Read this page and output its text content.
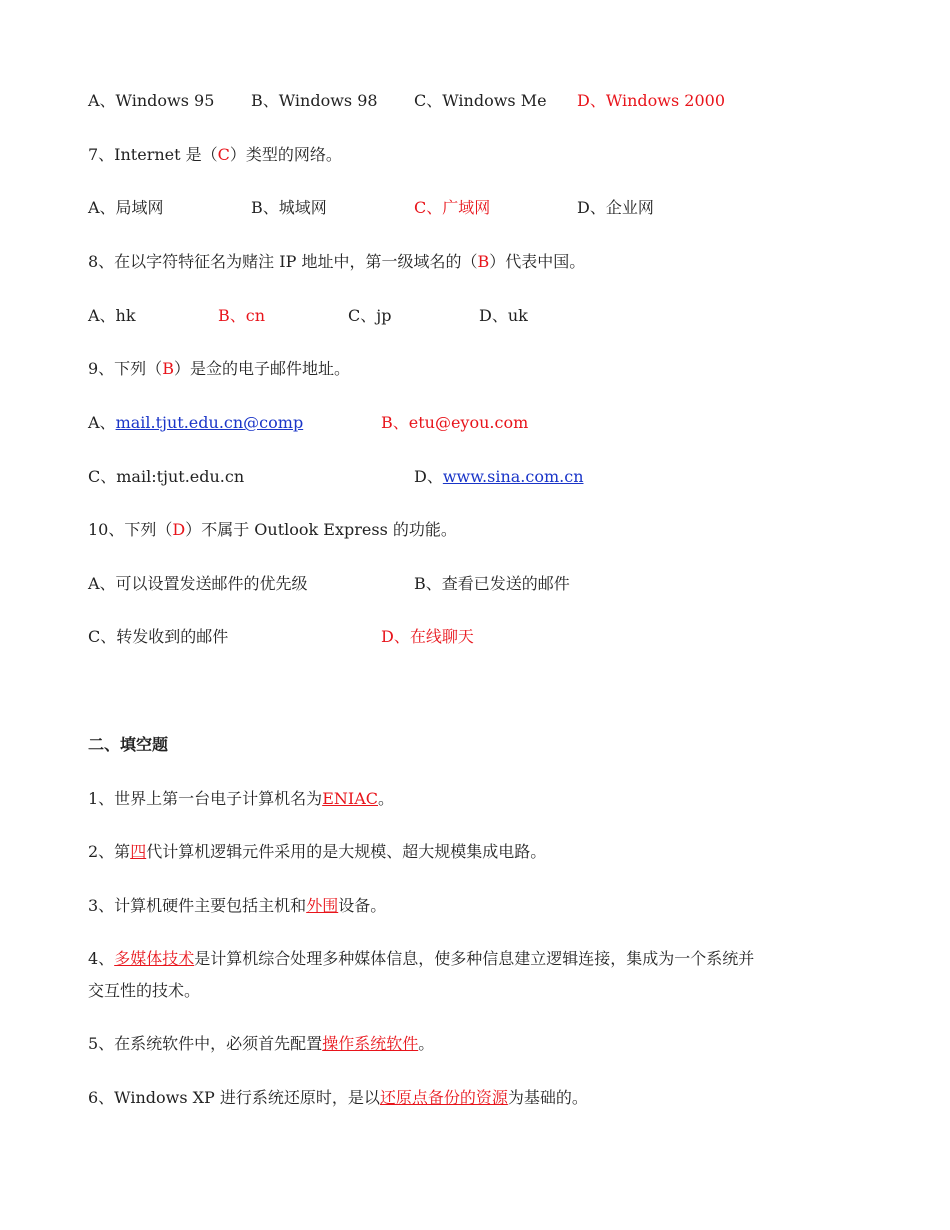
A、Windows 95 B、Windows 98 C、Windows Me D、Windows 2000
7、Internet 是（C）类型的网络。
A、局域网	B、城域网	C、广域网	D、企业网
8、在以字符特征名为赌注 IP 地址中，第一级域名的（B）代表中国。
A、hk	B、cn	C、jp	D、uk
9、下列（B）是佥的电子邮件地址。
A、mail.tjut.edu.cn@comp	B、etu@eyou.com
C、mail:tjut.edu.cn	D、www.sina.com.cn
10、下列（D）不属于 Outlook Express 的功能。
A、可以设置发送邮件的优先级	B、查看已发送的邮件
C、转发收到的邮件	D、在线聊天
二、填空题
1、世界上第一台电子计算机名为ENIAC。
2、第四代计算机逻辑元件采用的是大规模、超大规模集成电路。
3、计算机硬件主要包括主机和外围设备。
4、多媒体技术是计算机综合处理多种媒体信息，使多种信息建立逻辑连接，集成为一个系统并
交互性的技术。
5、在系统软件中，必须首先配置操作系统软件。
6、Windows XP 进行系统还原时，是以还原点备份的资源为基础的。
